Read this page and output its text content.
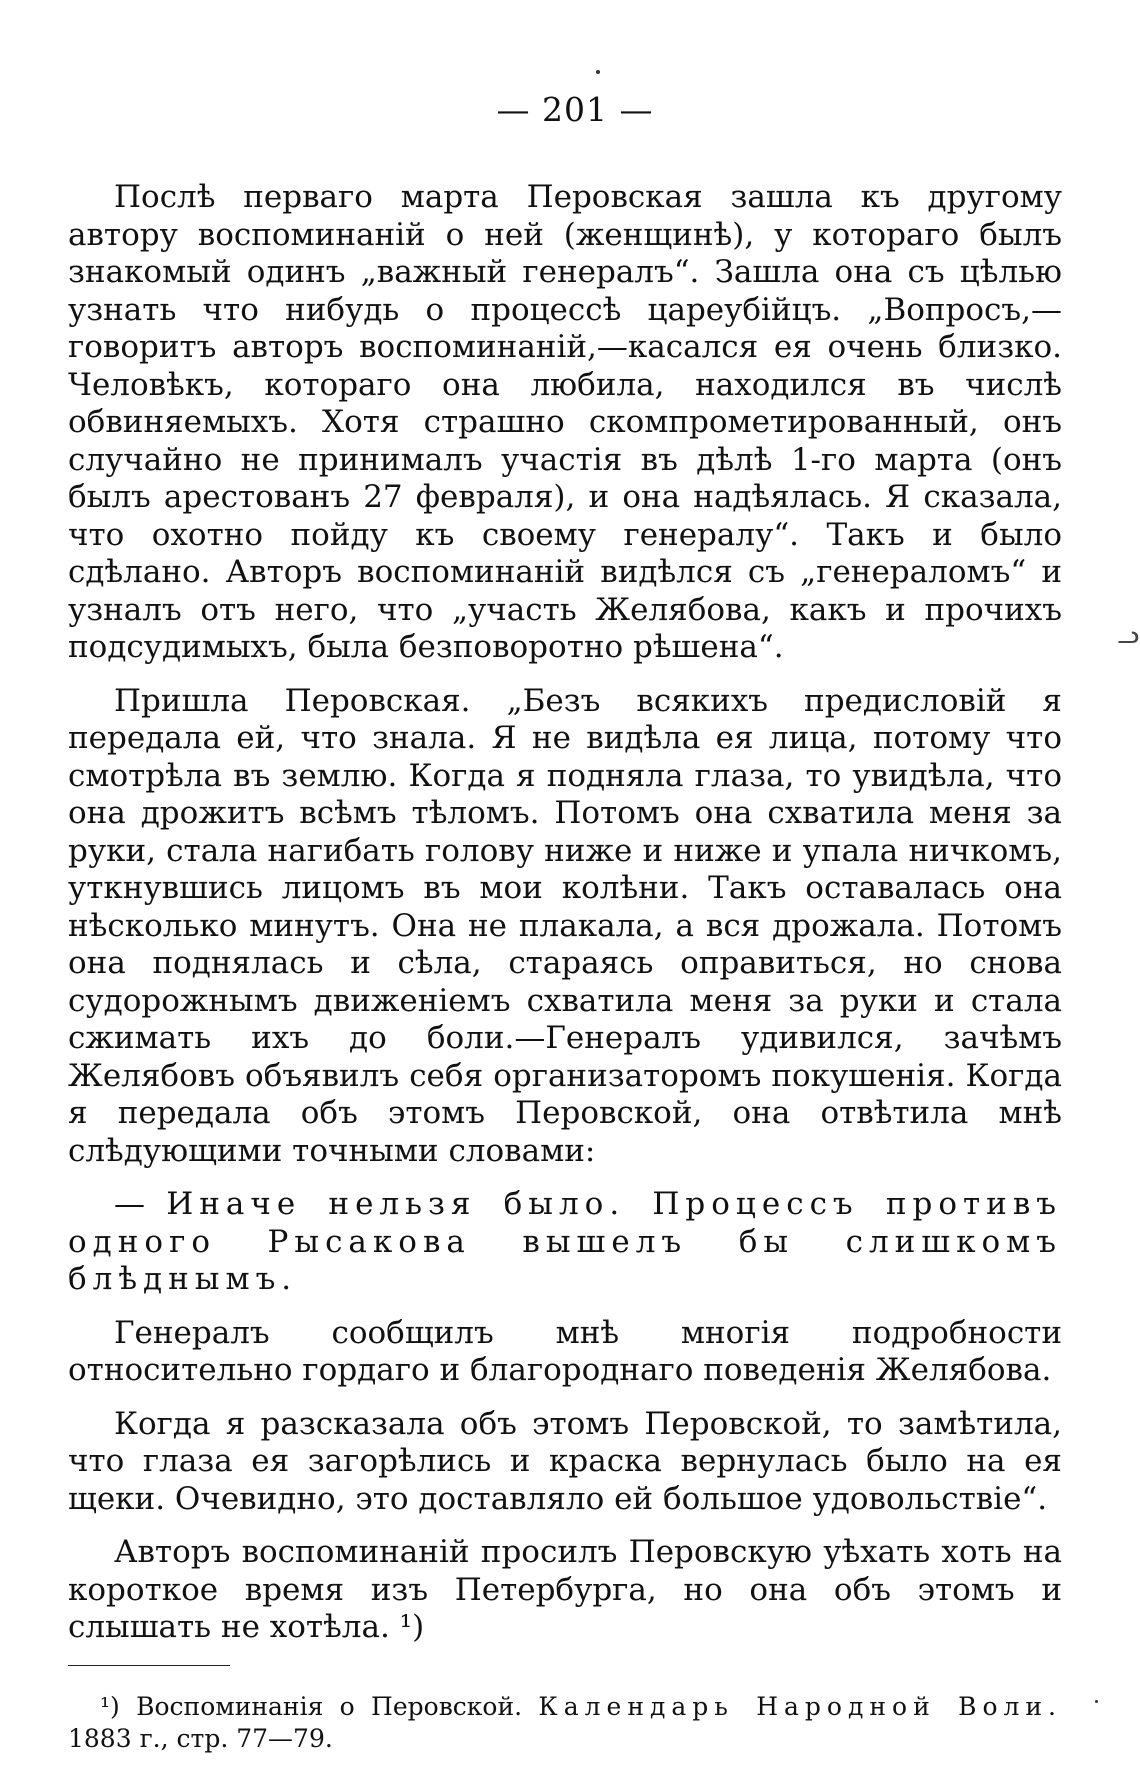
— 201 —

Послѣ перваго марта Перовская зашла къ другому автору воспоминаній о ней (женщинѣ), у котораго былъ знакомый одинъ „важный генералъ“. Зашла она съ цѣлью узнать что нибудь о процессѣ цареубійцъ. „Вопросъ,— говоритъ авторъ воспоминаній,—касался ея очень близко. Человѣкъ, котораго она любила, находился въ числѣ обвиняемыхъ. Хотя страшно скомпрометированный, онъ случайно не принималъ участія въ дѣлѣ 1-го марта (онъ былъ арестованъ 27 февраля), и она надѣялась. Я сказала, что охотно пойду къ своему генералу“. Такъ и было сдѣлано. Авторъ воспоминаній видѣлся съ „генераломъ“ и узналъ отъ него, что „участь Желябова, какъ и прочихъ подсудимыхъ, была безповоротно рѣшена“.

Пришла Перовская. „Безъ всякихъ предисловій я передала ей, что знала. Я не видѣла ея лица, потому что смотрѣла въ землю. Когда я подняла глаза, то увидѣла, что она дрожитъ всѣмъ тѣломъ. Потомъ она схватила меня за руки, стала нагибать голову ниже и ниже и упала ничкомъ, уткнувшись лицомъ въ мои колѣни. Такъ оставалась она нѣсколько минутъ. Она не плакала, а вся дрожала. Потомъ она поднялась и сѣла, стараясь оправиться, но снова судорожнымъ движеніемъ схватила меня за руки и стала сжимать ихъ до боли.—Генералъ удивился, зачѣмъ Желябовъ объявилъ себя организаторомъ покушенія. Когда я передала объ этомъ Перовской, она отвѣтила мнѣ слѣдующими точными словами:

— Иначе нельзя было. Процессъ противъ одного Рысакова вышелъ бы слишкомъ блѣднымъ.

Генералъ сообщилъ мнѣ многія подробности относительно гордаго и благороднаго поведенія Желябова.

Когда я разсказала объ этомъ Перовской, то замѣтила, что глаза ея загорѣлись и краска вернулась было на ея щеки. Очевидно, это доставляло ей большое удовольствіе“.

Авторъ воспоминаній просилъ Перовскую уѣхать хоть на короткое время изъ Петербурга, но она объ этомъ и слышать не хотѣла. ¹)

¹) Воспоминанія о Перовской. Календарь Народной Воли. 1883 г., стр. 77—79.

ᓗ
